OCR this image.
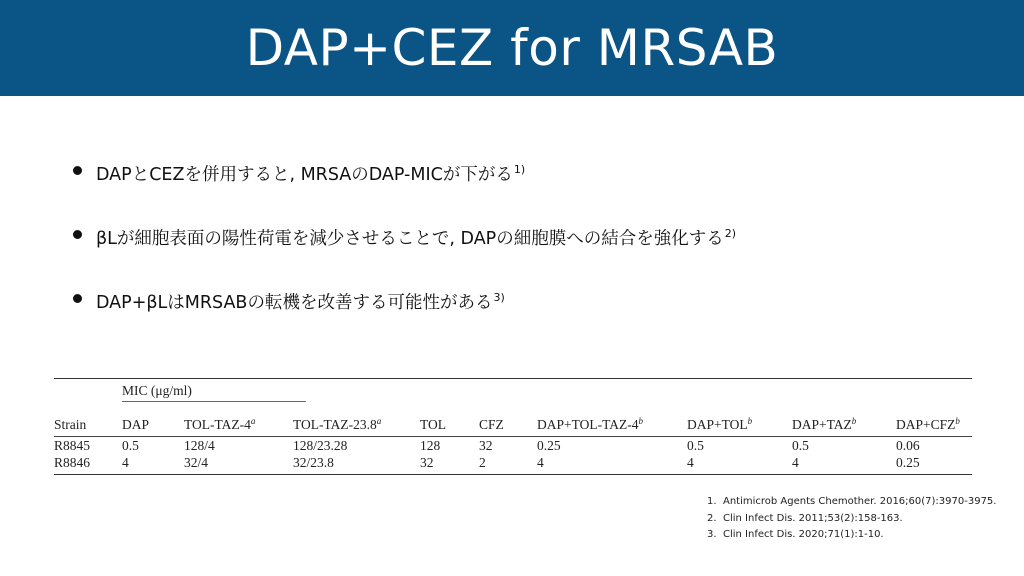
DAP+CEZ for MRSAB
DAPとCEZを併用すると, MRSAのDAP-MICが下がる$^{1)}$
βLが細胞表面の陽性荷電を減少させることで, DAPの細胞膜への結合を強化する$^{2)}$
DAP+βLはMRSABの転機を改善する可能性がある$^{3)}$
	MIC (μg/ml)								
Strain	DAP	TOL-TAZ-4$^a$	TOL-TAZ-23.8$^a$	TOL	CFZ	$DAP+TOL-TAZ-4^b$	$DAP+TOL^b$	$DAP+TAZ^b$	$DAP+CFZ^b$
R8845	0.5	128/4	128/23.28	128	32	0.25	0.5	0.5	0.06
R8846	4	32/4	32/23.8	32	2	4	4	4	0.25
1. Antimicrob Agents Chemother. 2016;60(7):3970-3975.
2. Clin Infect Dis. 2011;53(2):158-163.
3. Clin Infect Dis. 2020;71(1):1-10.
